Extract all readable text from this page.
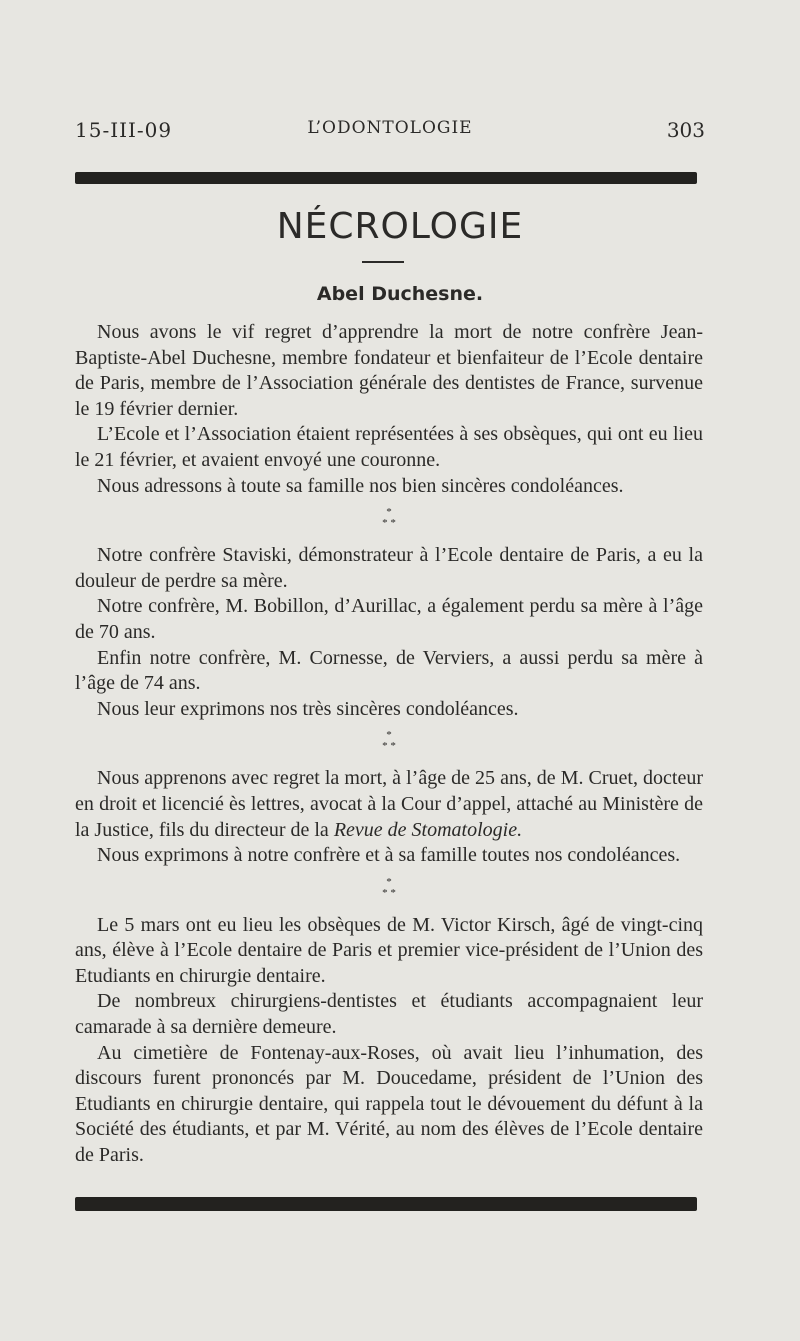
15-III-09	L’ODONTOLOGIE	303
NÉCROLOGIE
Abel Duchesne.

Nous avons le vif regret d’apprendre la mort de notre confrère Jean-Baptiste-Abel Duchesne, membre fondateur et bienfaiteur de l’Ecole dentaire de Paris, membre de l’Association générale des dentistes de France, survenue le 19 février dernier.

L’Ecole et l’Association étaient représentées à ses obsèques, qui ont eu lieu le 21 février, et avaient envoyé une couronne.

Nous adressons à toute sa famille nos bien sincères condoléances.

*
* *

Notre confrère Staviski, démonstrateur à l’Ecole dentaire de Paris, a eu la douleur de perdre sa mère.

Notre confrère, M. Bobillon, d’Aurillac, a également perdu sa mère à l’âge de 70 ans.

Enfin notre confrère, M. Cornesse, de Verviers, a aussi perdu sa mère à l’âge de 74 ans.

Nous leur exprimons nos très sincères condoléances.

*
* *

Nous apprenons avec regret la mort, à l’âge de 25 ans, de M. Cruet, docteur en droit et licencié ès lettres, avocat à la Cour d’appel, attaché au Ministère de la Justice, fils du directeur de la Revue de Stomatologie.

Nous exprimons à notre confrère et à sa famille toutes nos condoléances.

*
* *

Le 5 mars ont eu lieu les obsèques de M. Victor Kirsch, âgé de vingt-cinq ans, élève à l’Ecole dentaire de Paris et premier vice-président de l’Union des Etudiants en chirurgie dentaire.

De nombreux chirurgiens-dentistes et étudiants accompagnaient leur camarade à sa dernière demeure.

Au cimetière de Fontenay-aux-Roses, où avait lieu l’inhumation, des discours furent prononcés par M. Doucedame, président de l’Union des Etudiants en chirurgie dentaire, qui rappela tout le dévouement du défunt à la Société des étudiants, et par M. Vérité, au nom des élèves de l’Ecole dentaire de Paris.
